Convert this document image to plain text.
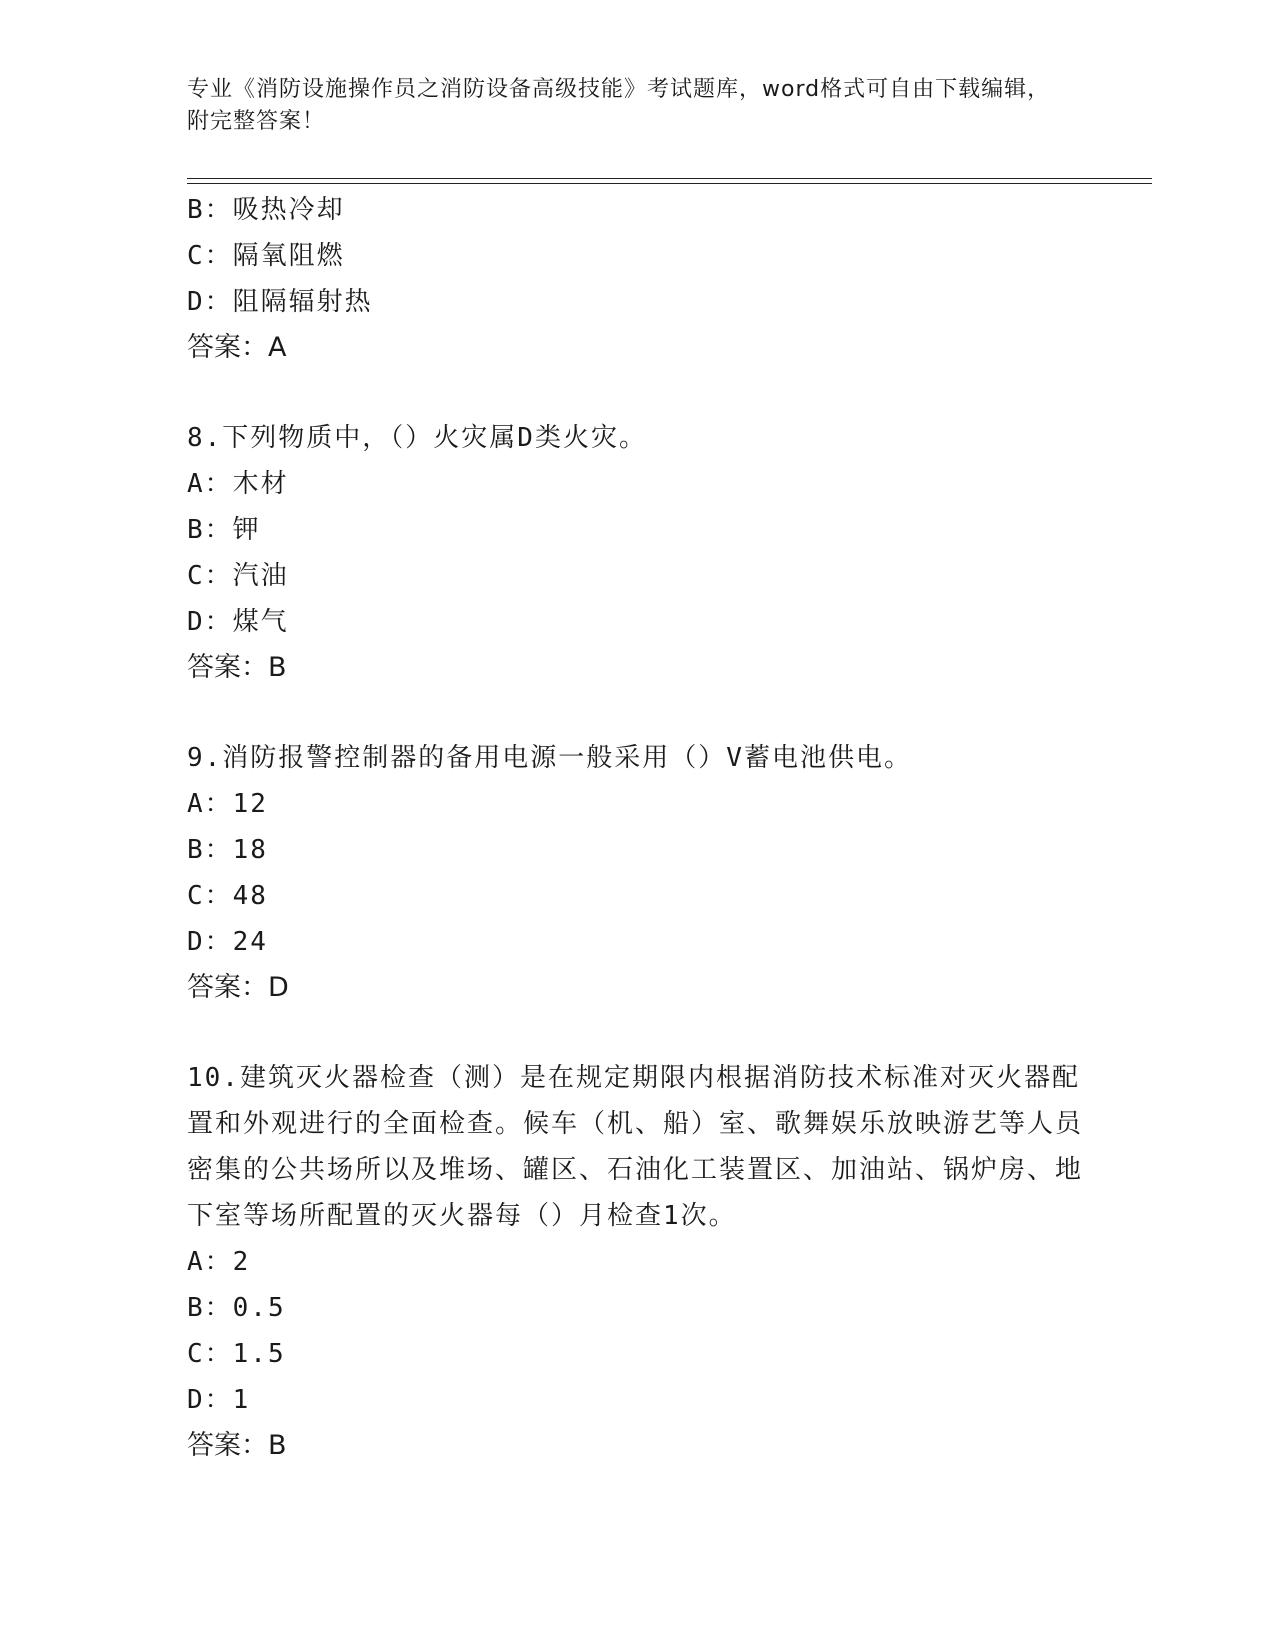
专业《消防设施操作员之消防设备高级技能》考试题库，word格式可自由下载编辑，附完整答案！
B：吸热冷却
C：隔氧阻燃
D：阻隔辐射热
答案：A
8.下列物质中，（）火灾属D类火灾。
A：木材
B：钾
C：汽油
D：煤气
答案：B
9.消防报警控制器的备用电源一般采用（）V蓄电池供电。
A：12
B：18
C：48
D：24
答案：D
10.建筑灭火器检查（测）是在规定期限内根据消防技术标准对灭火器配置和外观进行的全面检查。候车（机、船）室、歌舞娱乐放映游艺等人员密集的公共场所以及堆场、罐区、石油化工装置区、加油站、锅炉房、地下室等场所配置的灭火器每（）月检查1次。
A：2
B：0.5
C：1.5
D：1
答案：B
